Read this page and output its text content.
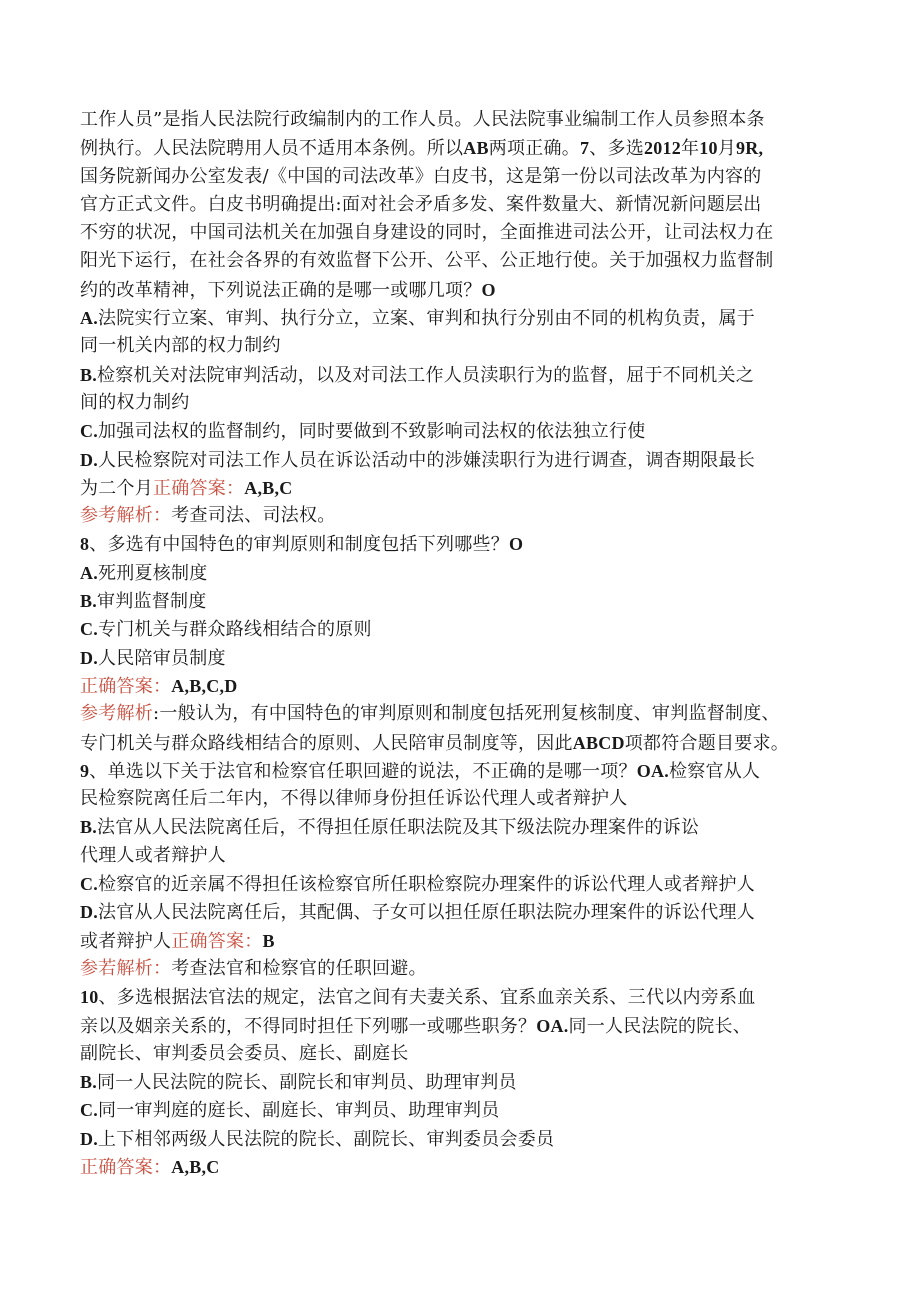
工作人员”是指人民法院行政编制内的工作人员。人民法院事业编制工作人员参照本条
例执行。人民法院聘用人员不适用本条例。所以AB两项正确。7、多选2012年10月9R,
国务院新闻办公室发表/《中国的司法改革》白皮书，这是第一份以司法改革为内容的
官方正式文件。白皮书明确提出:面对社会矛盾多发、案件数量大、新情况新问题层出
不穷的状况，中国司法机关在加强自身建设的同时，全面推进司法公开，让司法权力在
阳光下运行，在社会各界的有效监督下公开、公平、公正地行使。关于加强权力监督制
约的改革精神，下列说法正确的是哪一或哪几项？O
A.法院实行立案、审判、执行分立，立案、审判和执行分别由不同的机构负责，属于
同一机关内部的权力制约
B.检察机关对法院审判活动，以及对司法工作人员渎职行为的监督，屈于不同机关之
间的权力制约
C.加强司法权的监督制约，同时要做到不致影响司法权的依法独立行使
D.人民检察院对司法工作人员在诉讼活动中的涉嫌渎职行为进行调查，调杳期限最长
为二个月正确答案：A,B,C
参考解析：考查司法、司法权。
8、多选有中国特色的审判原则和制度包括下列哪些？O
A.死刑夏核制度
B.审判监督制度
C.专门机关与群众路线相结合的原则
D.人民陪审员制度
正确答案：A,B,C,D
参考解析:一般认为，有中国特色的审判原则和制度包括死刑复核制度、审判监督制度、
专门机关与群众路线相结合的原则、人民陪审员制度等，因此ABCD项都符合题目要求。
9、单选以下关于法官和检察官任职回避的说法，不正确的是哪一项？OA.检察官从人
民检察院离任后二年内，不得以律师身份担任诉讼代理人或者辩护人
B.法官从人民法院离任后，不得担任原任职法院及其下级法院办理案件的诉讼
代理人或者辩护人
C.检察官的近亲属不得担任该检察官所任职检察院办理案件的诉讼代理人或者辩护人
D.法官从人民法院离任后，其配偶、子女可以担任原任职法院办理案件的诉讼代理人
或者辩护人正确答案：B
参若解析：考查法官和检察官的任职回避。
10、多选根据法官法的规定，法官之间有夫妻关系、宜系血亲关系、三代以内旁系血
亲以及姻亲关系的，不得同时担任下列哪一或哪些职务？OA.同一人民法院的院长、
副院长、审判委员会委员、庭长、副庭长
B.同一人民法院的院长、副院长和审判员、助理审判员
C.同一审判庭的庭长、副庭长、审判员、助理审判员
D.上下相邻两级人民法院的院长、副院长、审判委员会委员
正确答案：A,B,C
